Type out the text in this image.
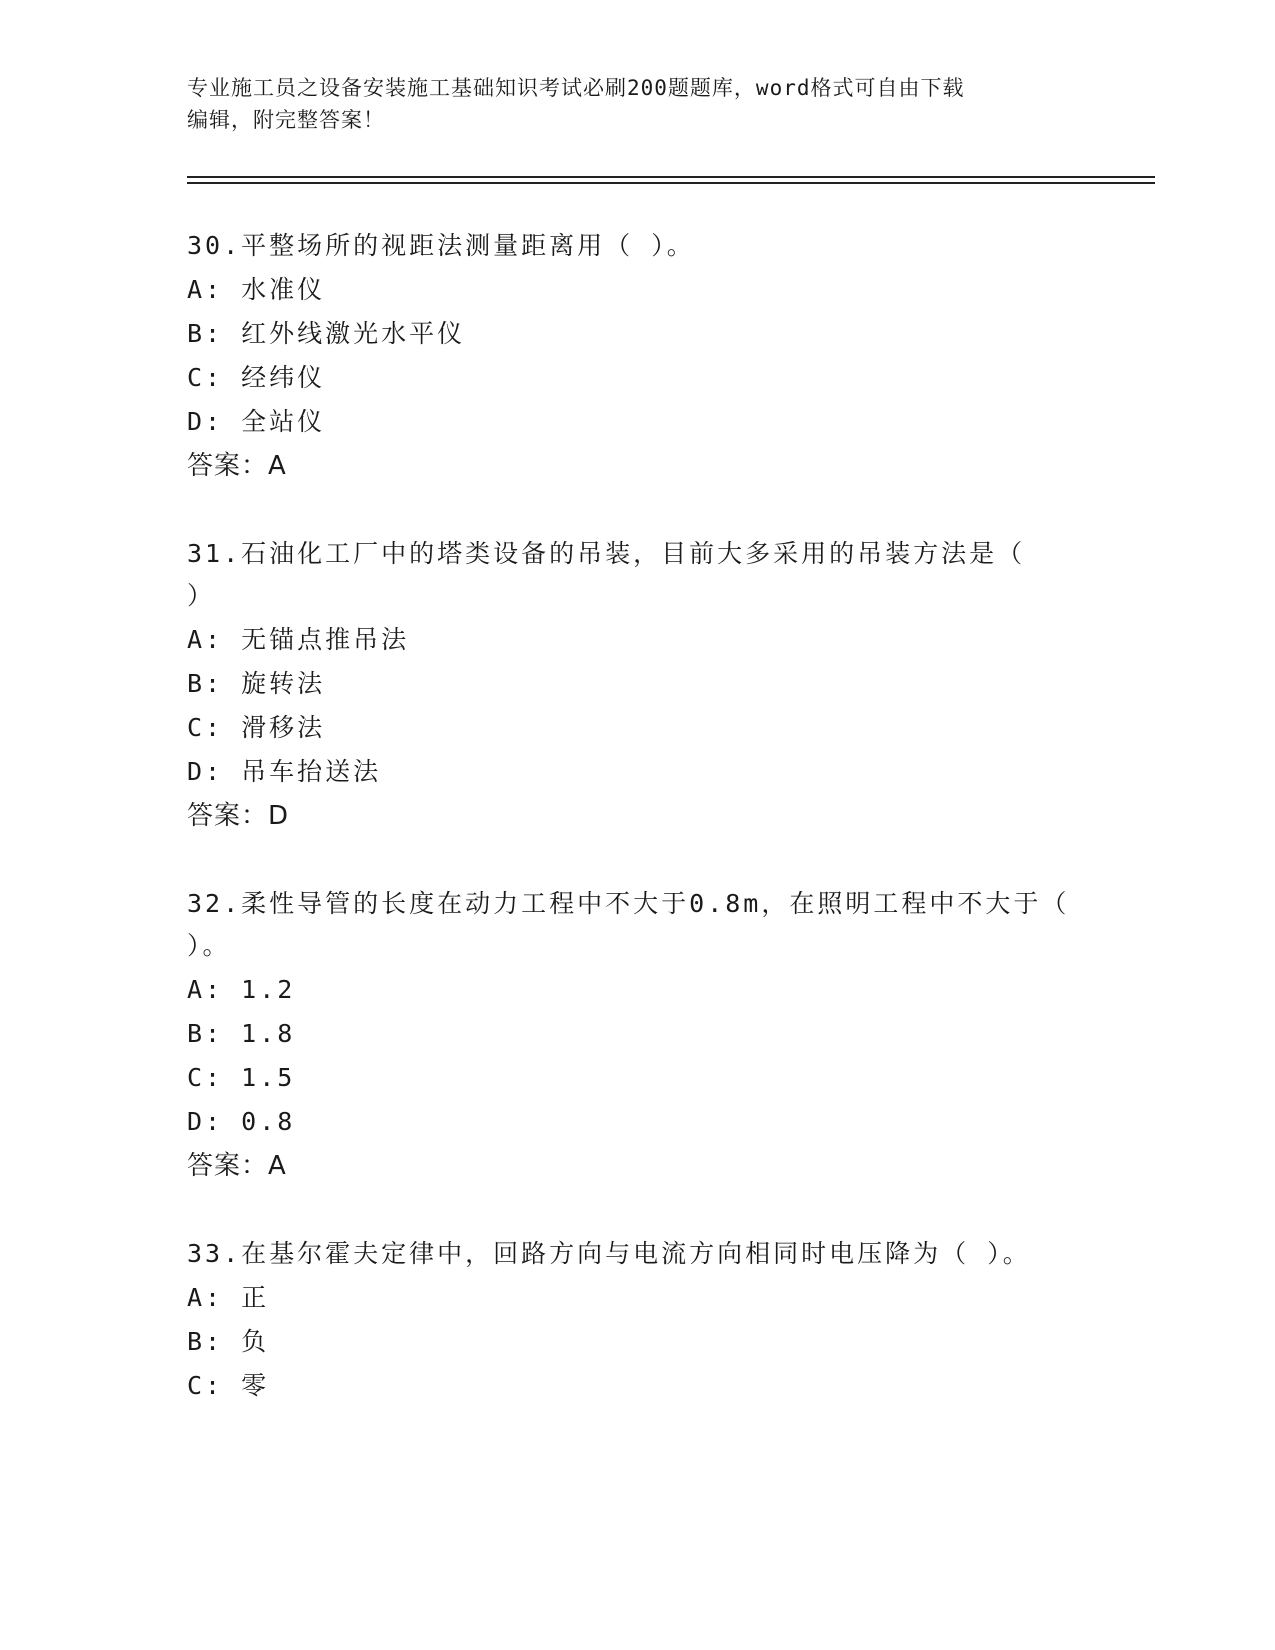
专业施工员之设备安装施工基础知识考试必刷200题题库，word格式可自由下载
编辑，附完整答案！
30.平整场所的视距法测量距离用（ ）。
A: 水准仪
B: 红外线激光水平仪
C: 经纬仪
D: 全站仪
答案：A
31.石油化工厂中的塔类设备的吊装，目前大多采用的吊装方法是（
）
A: 无锚点推吊法
B: 旋转法
C: 滑移法
D: 吊车抬送法
答案：D
32.柔性导管的长度在动力工程中不大于0.8m，在照明工程中不大于（
）。
A: 1.2
B: 1.8
C: 1.5
D: 0.8
答案：A
33.在基尔霍夫定律中，回路方向与电流方向相同时电压降为（ ）。
A: 正
B: 负
C: 零
